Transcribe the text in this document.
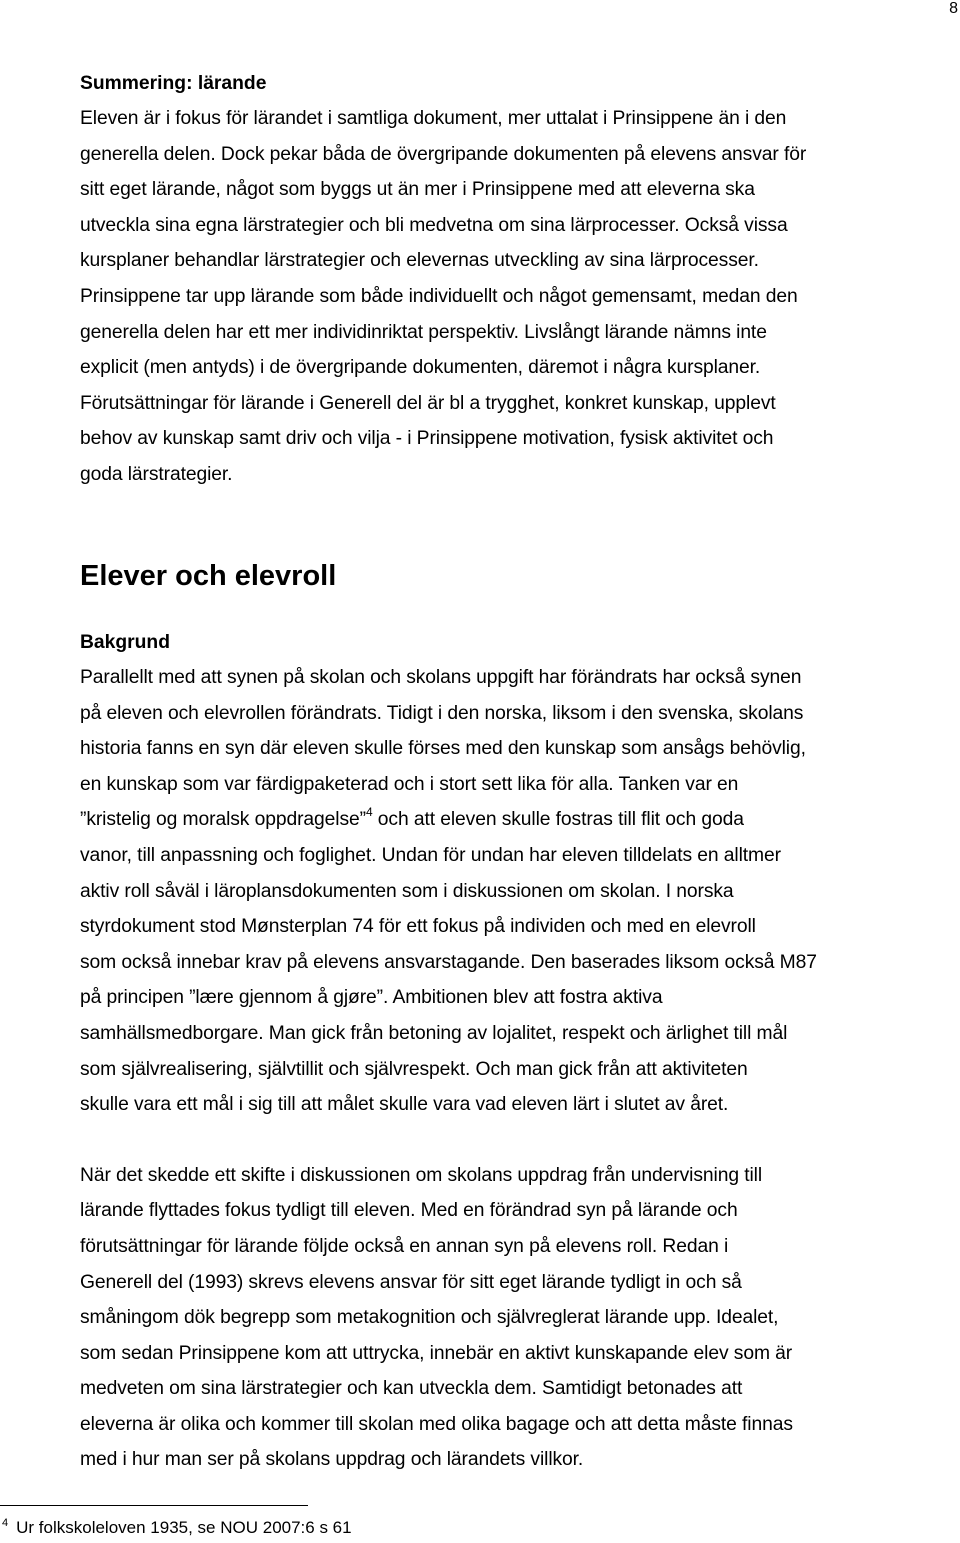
8

Summering: lärande

Eleven är i fokus för lärandet i samtliga dokument, mer uttalat i Prinsippene än i den

generella delen. Dock pekar båda de övergripande dokumenten på elevens ansvar för

sitt eget lärande, något som byggs ut än mer i Prinsippene med att eleverna ska

utveckla sina egna lärstrategier och bli medvetna om sina lärprocesser. Också vissa

kursplaner behandlar lärstrategier och elevernas utveckling av sina lärprocesser.

Prinsippene tar upp lärande som både individuellt och något gemensamt, medan den

generella delen har ett mer individinriktat perspektiv. Livslångt lärande nämns inte

explicit (men antyds) i de övergripande dokumenten, däremot i några kursplaner.

Förutsättningar för lärande i Generell del är bl a trygghet, konkret kunskap, upplevt

behov av kunskap samt driv och vilja - i Prinsippene motivation, fysisk aktivitet och

goda lärstrategier.

Elever och elevroll

Bakgrund

Parallellt med att synen på skolan och skolans uppgift har förändrats har också synen

på eleven och elevrollen förändrats. Tidigt i den norska, liksom i den svenska, skolans

historia fanns en syn där eleven skulle förses med den kunskap som ansågs behövlig,

en kunskap som var färdigpaketerad och i stort sett lika för alla. Tanken var en

”kristelig og moralsk oppdragelse”$^4$ och att eleven skulle fostras till flit och goda

vanor, till anpassning och foglighet. Undan för undan har eleven tilldelats en alltmer

aktiv roll såväl i läroplansdokumenten som i diskussionen om skolan. I norska

styrdokument stod Mønsterplan 74 för ett fokus på individen och med en elevroll

som också innebar krav på elevens ansvarstagande. Den baserades liksom också M87

på principen ”lære gjennom å gjøre”. Ambitionen blev att fostra aktiva

samhällsmedborgare. Man gick från betoning av lojalitet, respekt och ärlighet till mål

som självrealisering, självtillit och självrespekt. Och man gick från att aktiviteten

skulle vara ett mål i sig till att målet skulle vara vad eleven lärt i slutet av året.

När det skedde ett skifte i diskussionen om skolans uppdrag från undervisning till

lärande flyttades fokus tydligt till eleven. Med en förändrad syn på lärande och

förutsättningar för lärande följde också en annan syn på elevens roll. Redan i

Generell del (1993) skrevs elevens ansvar för sitt eget lärande tydligt in och så

småningom dök begrepp som metakognition och självreglerat lärande upp. Idealet,

som sedan Prinsippene kom att uttrycka, innebär en aktivt kunskapande elev som är

medveten om sina lärstrategier och kan utveckla dem. Samtidigt betonades att

eleverna är olika och kommer till skolan med olika bagage och att detta måste finnas

med i hur man ser på skolans uppdrag och lärandets villkor.

$^4$ Ur folkskoleloven 1935, se NOU 2007:6 s 61
